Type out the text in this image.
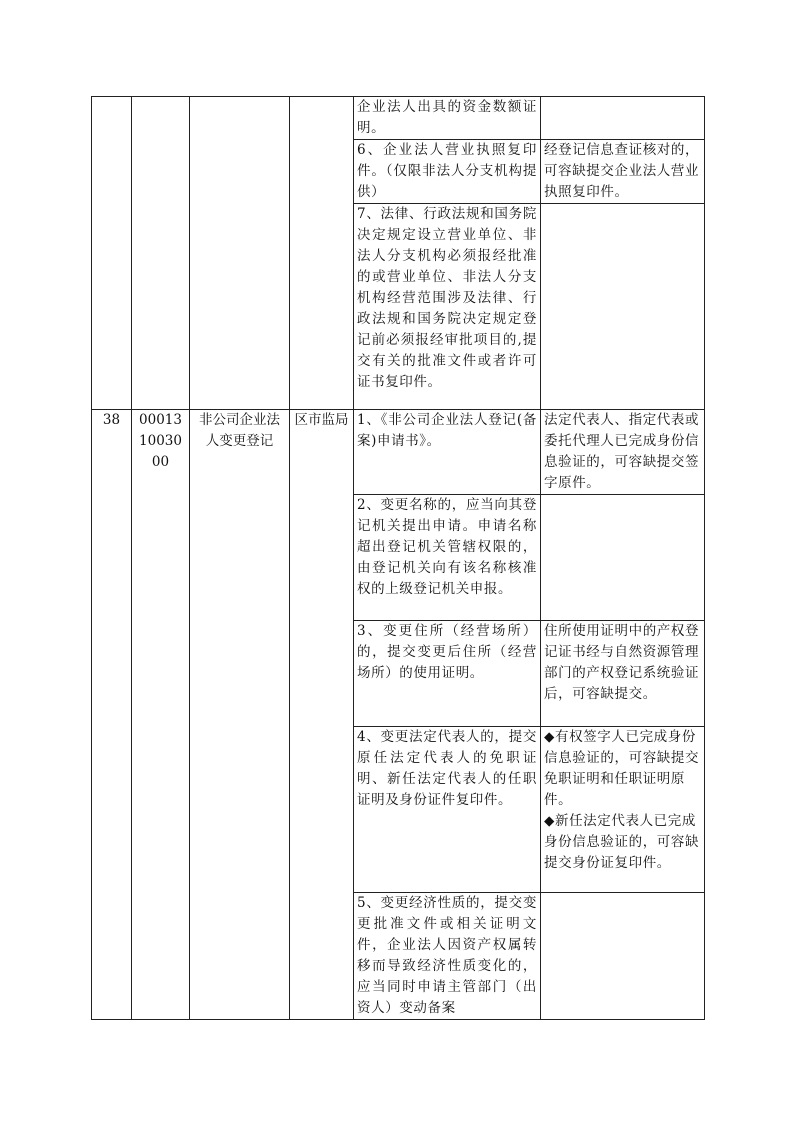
				企业法人出具的资金数额证明。	
				6、企业法人营业执照复印件。（仅限非法人分支机构提供）	经登记信息查证核对的，可容缺提交企业法人营业执照复印件。
				7、法律、行政法规和国务院决定规定设立营业单位、非法人分支机构必须报经批准的或营业单位、非法人分支机构经营范围涉及法律、行政法规和国务院决定规定登记前必须报经审批项目的,提交有关的批准文件或者许可证书复印件。	
38	000131003000	非公司企业法人变更登记	区市监局	1、《非公司企业法人登记(备案)申请书》。	法定代表人、指定代表或委托代理人已完成身份信息验证的，可容缺提交签字原件。
				2、变更名称的，应当向其登记机关提出申请。申请名称超出登记机关管辖权限的，由登记机关向有该名称核准权的上级登记机关申报。	
				3、变更住所（经营场所）的，提交变更后住所（经营场所）的使用证明。	住所使用证明中的产权登记证书经与自然资源管理部门的产权登记系统验证后，可容缺提交。
				4、变更法定代表人的，提交原任法定代表人的免职证明、新任法定代表人的任职证明及身份证件复印件。	◆有权签字人已完成身份信息验证的，可容缺提交免职证明和任职证明原件。
◆新任法定代表人已完成身份信息验证的，可容缺提交身份证复印件。

				5、变更经济性质的，提交变更批准文件或相关证明文件，企业法人因资产权属转移而导致经济性质变化的，应当同时申请主管部门（出资人）变动备案	
